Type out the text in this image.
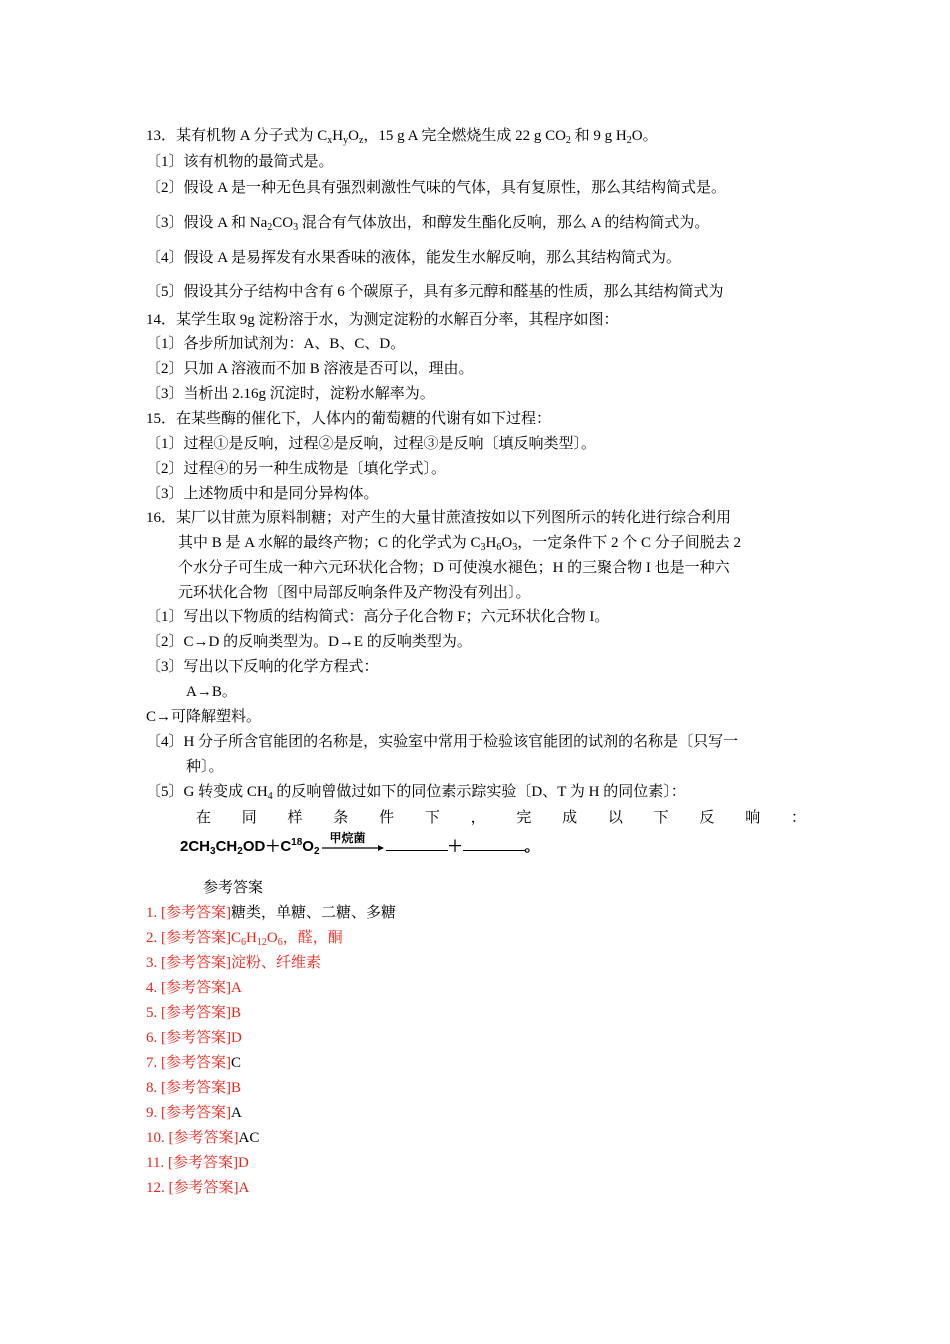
13．某有机物 A 分子式为 $C_xH_yO_z$，15 g A 完全燃烧生成 22 g $CO_2$ 和 9 g $H_2O$。
〔1〕该有机物的最简式是。
〔2〕假设 A 是一种无色具有强烈刺激性气味的气体，具有复原性，那么其结构简式是。
〔3〕假设 A 和 $Na_2CO_3$ 混合有气体放出，和醇发生酯化反响，那么 A 的结构简式为。
〔4〕假设 A 是易挥发有水果香味的液体，能发生水解反响，那么其结构简式为。
〔5〕假设其分子结构中含有 6 个碳原子，具有多元醇和醛基的性质，那么其结构简式为
14．某学生取 9g 淀粉溶于水，为测定淀粉的水解百分率，其程序如图：
〔1〕各步所加试剂为：A、B、C、D。
〔2〕只加 A 溶液而不加 B 溶液是否可以，理由。
〔3〕当析出 2.16g 沉淀时，淀粉水解率为。
15．在某些酶的催化下，人体内的葡萄糖的代谢有如下过程：
〔1〕过程①是反响，过程②是反响，过程③是反响〔填反响类型〕。
〔2〕过程④的另一种生成物是〔填化学式〕。
〔3〕上述物质中和是同分异构体。
16．某厂以甘蔗为原料制糖；对产生的大量甘蔗渣按如以下列图所示的转化进行综合利用
其中 B 是 A 水解的最终产物；C 的化学式为 $C_3H_6O_3$，一定条件下 2 个 C 分子间脱去 2
个水分子可生成一种六元环状化合物；D 可使溴水褪色；H 的三聚合物 I 也是一种六
元环状化合物〔图中局部反响条件及产物没有列出〕。
〔1〕写出以下物质的结构简式：高分子化合物 F；六元环状化合物 I。
〔2〕C→D 的反响类型为。D→E 的反响类型为。
〔3〕写出以下反响的化学方程式：
A→B。
C→可降解塑料。
〔4〕H 分子所含官能团的名称是，实验室中常用于检验该官能团的试剂的名称是〔只写一
种〕。
〔5〕G 转变成 $CH_4$ 的反响曾做过如下的同位素示踪实验〔D、T 为 H 的同位素〕：
在 同 样 条 件 下 ， 完 成 以 下 反 响 ：
$2CH_3CH_2OD+C^{18}O_2$
甲烷菌	＋	。
参考答案
1. [参考答案]糖类，单糖、二糖、多糖
2. [参考答案]$C_6H_{12}O_6$，醛，酮
3. [参考答案]淀粉、纤维素
4. [参考答案]A
5. [参考答案]B
6. [参考答案]D
7. [参考答案]C
8. [参考答案]B
9. [参考答案]A
10. [参考答案]AC
11. [参考答案]D
12. [参考答案]A
